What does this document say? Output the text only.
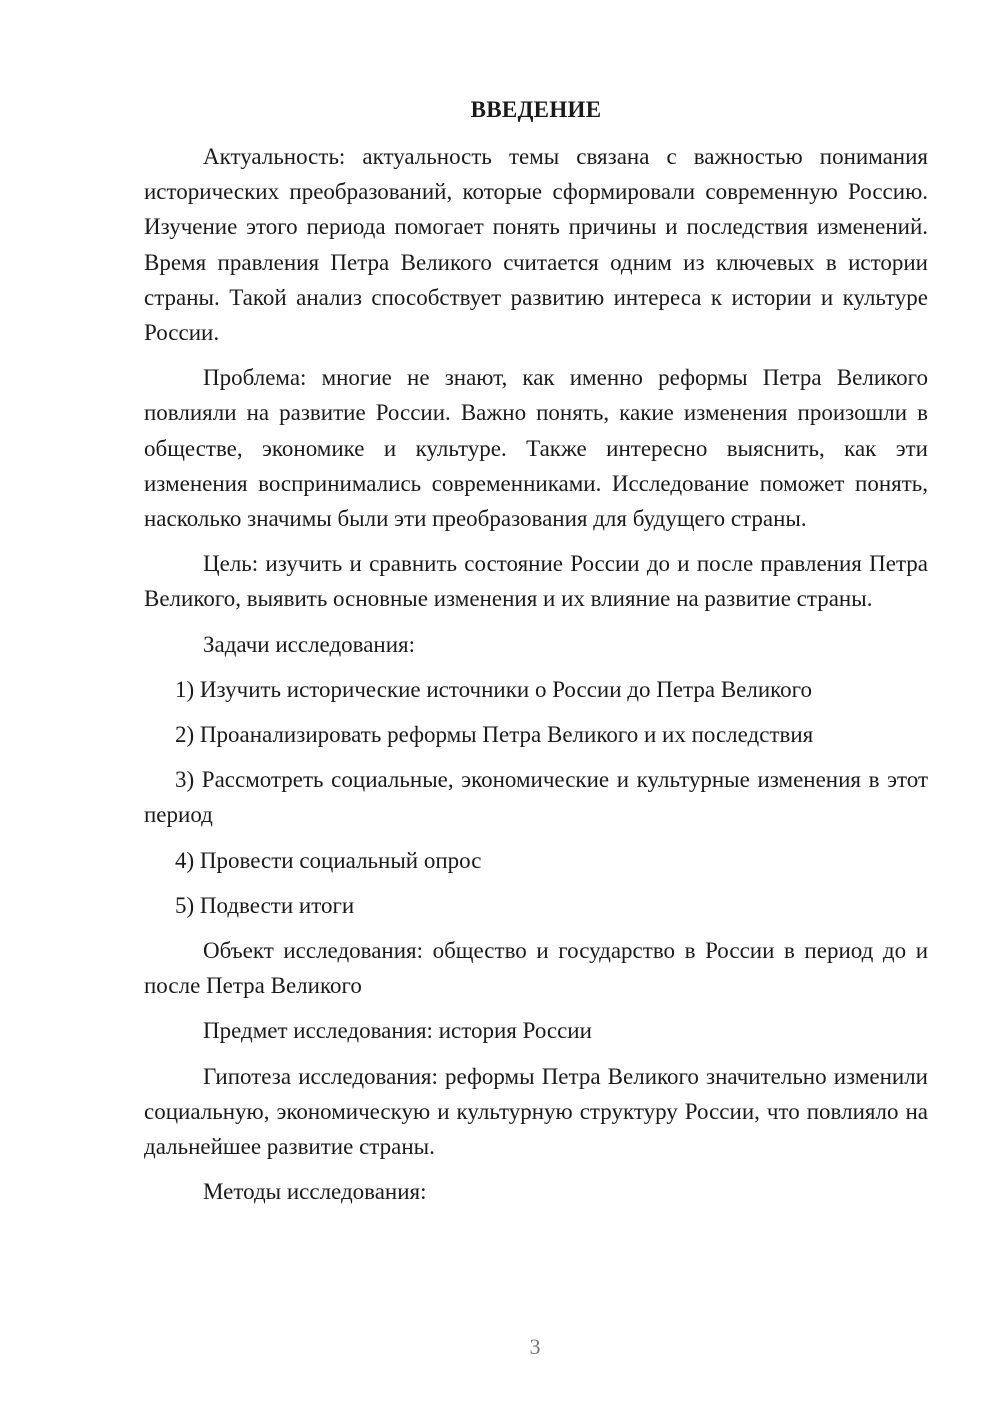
ВВЕДЕНИЕ

Актуальность: актуальность темы связана с важностью понимания исторических преобразований, которые сформировали современную Россию. Изучение этого периода помогает понять причины и последствия изменений. Время правления Петра Великого считается одним из ключевых в истории страны. Такой анализ способствует развитию интереса к истории и культуре России.

Проблема: многие не знают, как именно реформы Петра Великого повлияли на развитие России. Важно понять, какие изменения произошли в обществе, экономике и культуре. Также интересно выяснить, как эти изменения воспринимались современниками. Исследование поможет понять, насколько значимы были эти преобразования для будущего страны.

Цель: изучить и сравнить состояние России до и после правления Петра Великого, выявить основные изменения и их влияние на развитие страны.

Задачи исследования:

1) Изучить исторические источники о России до Петра Великого

2) Проанализировать реформы Петра Великого и их последствия

3) Рассмотреть социальные, экономические и культурные изменения в этот период

4) Провести социальный опрос

5) Подвести итоги

Объект исследования: общество и государство в России в период до и после Петра Великого

Предмет исследования: история России

Гипотеза исследования: реформы Петра Великого значительно изменили социальную, экономическую и культурную структуру России, что повлияло на дальнейшее развитие страны.

Методы исследования:

3
